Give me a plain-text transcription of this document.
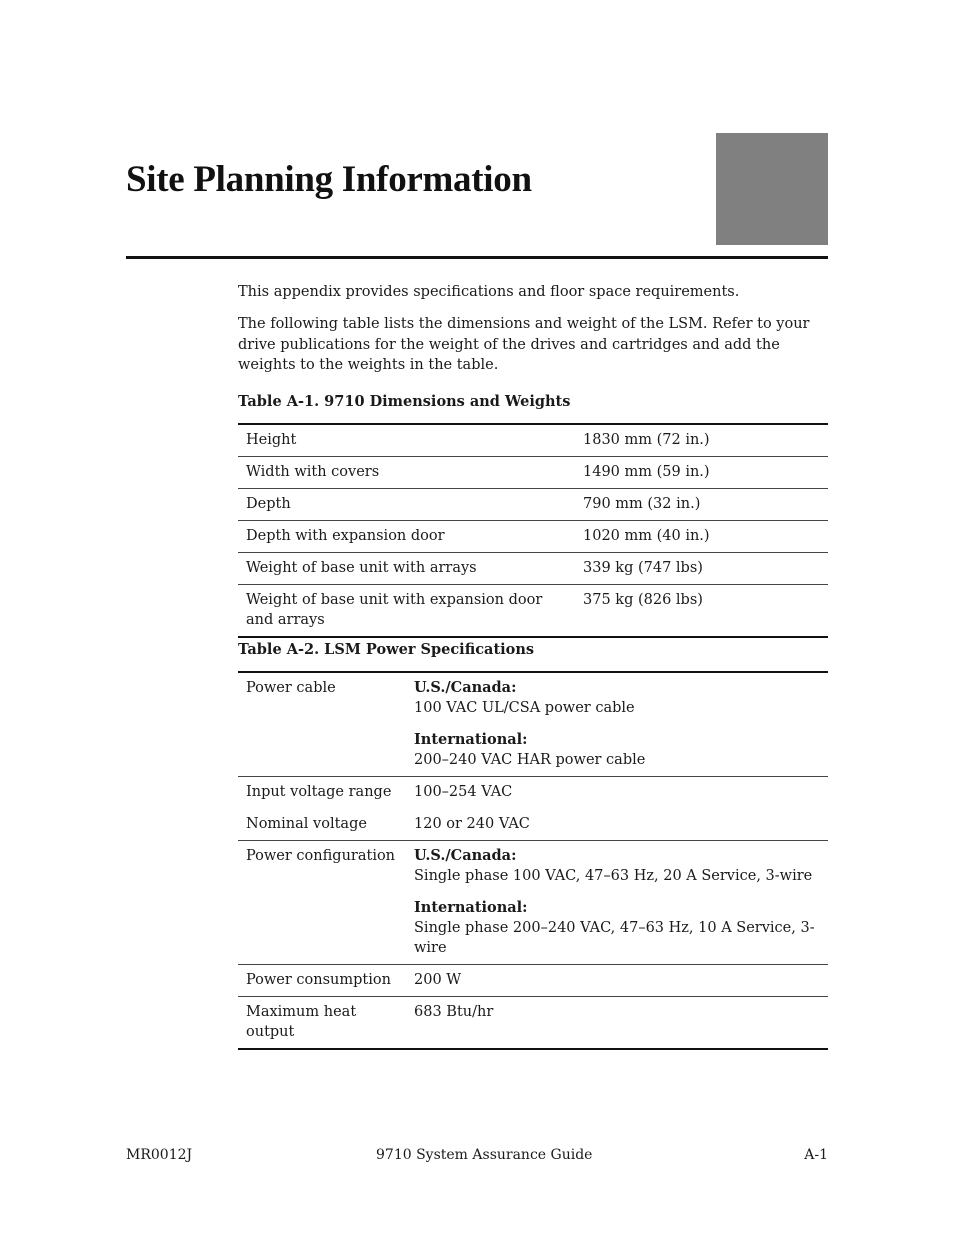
Site Planning Information

This appendix provides specifications and floor space requirements.

The following table lists the dimensions and weight of the LSM. Refer to your drive publications for the weight of the drives and cartridges and add the weights to the weights in the table.

Table A-1. 9710 Dimensions and Weights
Height	1830 mm (72 in.)
Width with covers	1490 mm (59 in.)
Depth	790 mm (32 in.)
Depth with expansion door	1020 mm (40 in.)
Weight of base unit with arrays	339 kg (747 lbs)
Weight of base unit with expansion door and arrays	375 kg (826 lbs)
Table A-2. LSM Power Specifications
Power cable	U.S./Canada:
100 VAC UL/CSA power cable
International:
200–240 VAC HAR power cable
Input voltage range	100–254 VAC
Nominal voltage	120 or 240 VAC
Power configuration	U.S./Canada:
Single phase 100 VAC, 47–63 Hz, 20 A Service, 3-wire
International:
Single phase 200–240 VAC, 47–63 Hz, 10 A Service, 3-wire
Power consumption	200 W
Maximum heat output	683 Btu/hr
MR0012J	9710 System Assurance Guide	A-1
